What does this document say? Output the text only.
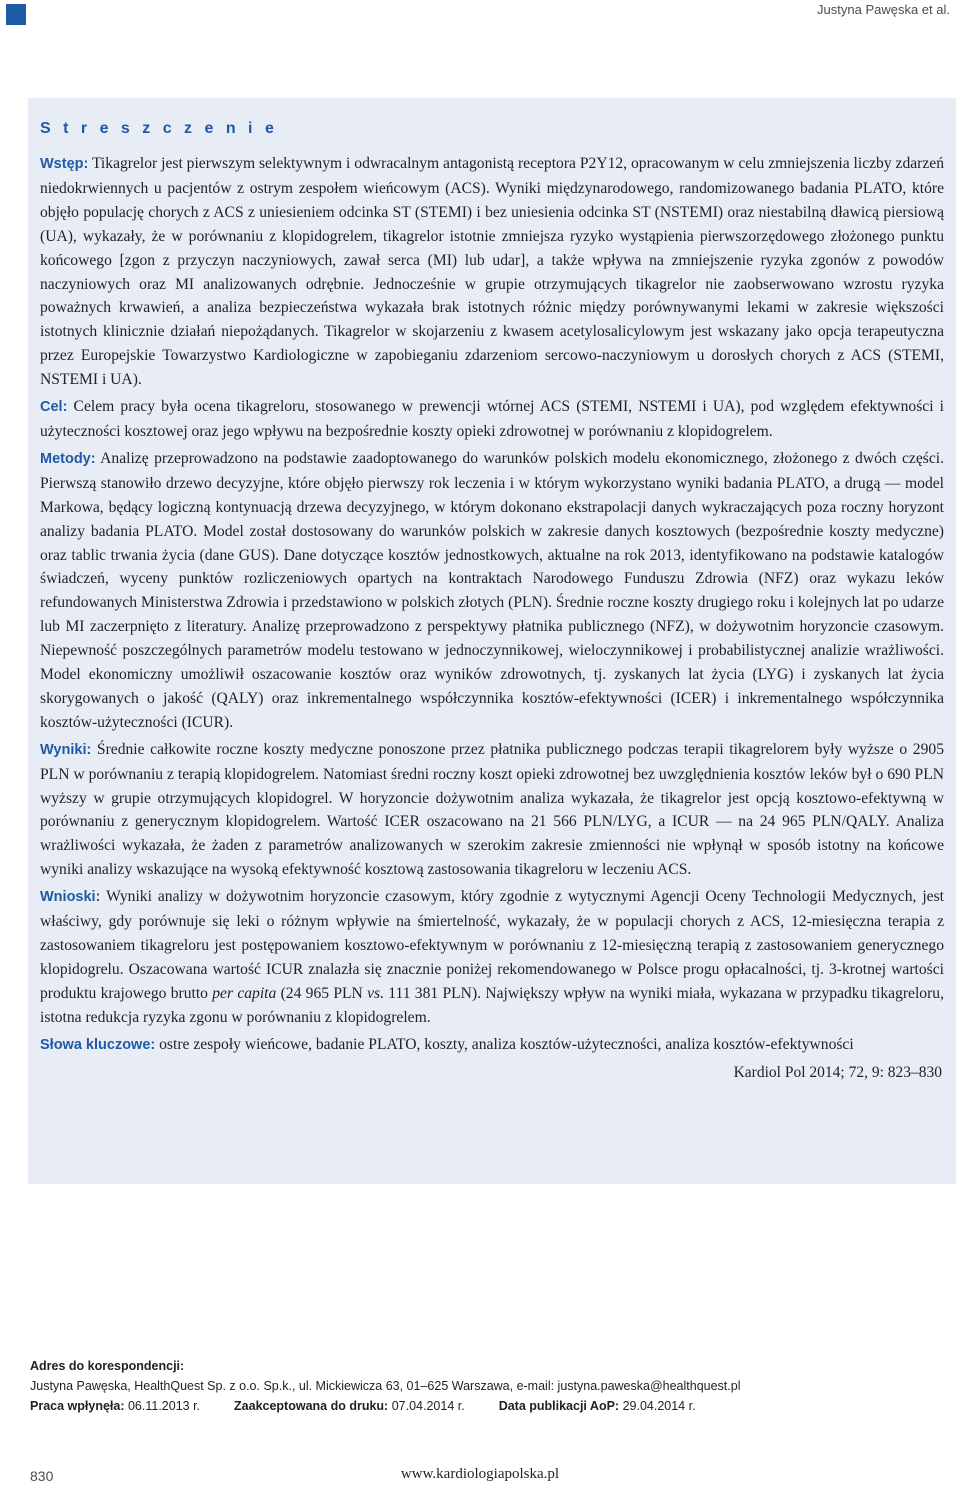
Justyna Pawęska et al.
S t r e s z c z e n i e

Wstęp: Tikagrelor jest pierwszym selektywnym i odwracalnym antagonistą receptora P2Y12, opracowanym w celu zmniejszenia liczby zdarzeń niedokrwiennych u pacjentów z ostrym zespołem wieńcowym (ACS). Wyniki międzynarodowego, randomizowanego badania PLATO, które objęło populację chorych z ACS z uniesieniem odcinka ST (STEMI) i bez uniesienia odcinka ST (NSTEMI) oraz niestabilną dławicą piersiową (UA), wykazały, że w porównaniu z klopidogrelem, tikagrelor istotnie zmniejsza ryzyko wystąpienia pierwszorzędowego złożonego punktu końcowego [zgon z przyczyn naczyniowych, zawał serca (MI) lub udar], a także wpływa na zmniejszenie ryzyka zgonów z powodów naczyniowych oraz MI analizowanych odrębnie. Jednocześnie w grupie otrzymujących tikagrelor nie zaobserwowano wzrostu ryzyka poważnych krwawień, a analiza bezpieczeństwa wykazała brak istotnych różnic między porównywanymi lekami w zakresie większości istotnych klinicznie działań niepożądanych. Tikagrelor w skojarzeniu z kwasem acetylosalicylowym jest wskazany jako opcja terapeutyczna przez Europejskie Towarzystwo Kardiologiczne w zapobieganiu zdarzeniom sercowo-naczyniowym u dorosłych chorych z ACS (STEMI, NSTEMI i UA).

Cel: Celem pracy była ocena tikagreloru, stosowanego w prewencji wtórnej ACS (STEMI, NSTEMI i UA), pod względem efektywności i użyteczności kosztowej oraz jego wpływu na bezpośrednie koszty opieki zdrowotnej w porównaniu z klopidogrelem.

Metody: Analizę przeprowadzono na podstawie zaadoptowanego do warunków polskich modelu ekonomicznego, złożonego z dwóch części. Pierwszą stanowiło drzewo decyzyjne, które objęło pierwszy rok leczenia i w którym wykorzystano wyniki badania PLATO, a drugą — model Markowa, będący logiczną kontynuacją drzewa decyzyjnego, w którym dokonano ekstrapolacji danych wykraczających poza roczny horyzont analizy badania PLATO. Model został dostosowany do warunków polskich w zakresie danych kosztowych (bezpośrednie koszty medyczne) oraz tablic trwania życia (dane GUS). Dane dotyczące kosztów jednostkowych, aktualne na rok 2013, identyfikowano na podstawie katalogów świadczeń, wyceny punktów rozliczeniowych opartych na kontraktach Narodowego Funduszu Zdrowia (NFZ) oraz wykazu leków refundowanych Ministerstwa Zdrowia i przedstawiono w polskich złotych (PLN). Średnie roczne koszty drugiego roku i kolejnych lat po udarze lub MI zaczerpnięto z literatury. Analizę przeprowadzono z perspektywy płatnika publicznego (NFZ), w dożywotnim horyzoncie czasowym. Niepewność poszczególnych parametrów modelu testowano w jednoczynnikowej, wieloczynnikowej i probabilistycznej analizie wrażliwości. Model ekonomiczny umożliwił oszacowanie kosztów oraz wyników zdrowotnych, tj. zyskanych lat życia (LYG) i zyskanych lat życia skorygowanych o jakość (QALY) oraz inkrementalnego współczynnika kosztów-efektywności (ICER) i inkrementalnego współczynnika kosztów-użyteczności (ICUR).

Wyniki: Średnie całkowite roczne koszty medyczne ponoszone przez płatnika publicznego podczas terapii tikagrelorem były wyższe o 2905 PLN w porównaniu z terapią klopidogrelem. Natomiast średni roczny koszt opieki zdrowotnej bez uwzględnienia kosztów leków był o 690 PLN wyższy w grupie otrzymujących klopidogrel. W horyzoncie dożywotnim analiza wykazała, że tikagrelor jest opcją kosztowo-efektywną w porównaniu z generycznym klopidogrelem. Wartość ICER oszacowano na 21 566 PLN/LYG, a ICUR — na 24 965 PLN/QALY. Analiza wrażliwości wykazała, że żaden z parametrów analizowanych w szerokim zakresie zmienności nie wpłynął w sposób istotny na końcowe wyniki analizy wskazujące na wysoką efektywność kosztową zastosowania tikagreloru w leczeniu ACS.

Wnioski: Wyniki analizy w dożywotnim horyzoncie czasowym, który zgodnie z wytycznymi Agencji Oceny Technologii Medycznych, jest właściwy, gdy porównuje się leki o różnym wpływie na śmiertelność, wykazały, że w populacji chorych z ACS, 12-miesięczna terapia z zastosowaniem tikagreloru jest postępowaniem kosztowo-efektywnym w porównaniu z 12-miesięczną terapią z zastosowaniem generycznego klopidogrelu. Oszacowana wartość ICUR znalazła się znacznie poniżej rekomendowanego w Polsce progu opłacalności, tj. 3-krotnej wartości produktu krajowego brutto per capita (24 965 PLN vs. 111 381 PLN). Największy wpływ na wyniki miała, wykazana w przypadku tikagreloru, istotna redukcja ryzyka zgonu w porównaniu z klopidogrelem.

Słowa kluczowe: ostre zespoły wieńcowe, badanie PLATO, koszty, analiza kosztów-użyteczności, analiza kosztów-efektywności

Kardiol Pol 2014; 72, 9: 823–830
Adres do korespondencji:
Justyna Pawęska, HealthQuest Sp. z o.o. Sp.k., ul. Mickiewicza 63, 01–625 Warszawa, e-mail: justyna.paweska@healthquest.pl
Praca wpłynęła: 06.11.2013 r.	Zaakceptowana do druku: 07.04.2014 r.	Data publikacji AoP: 29.04.2014 r.
830	www.kardiologiapolska.pl
